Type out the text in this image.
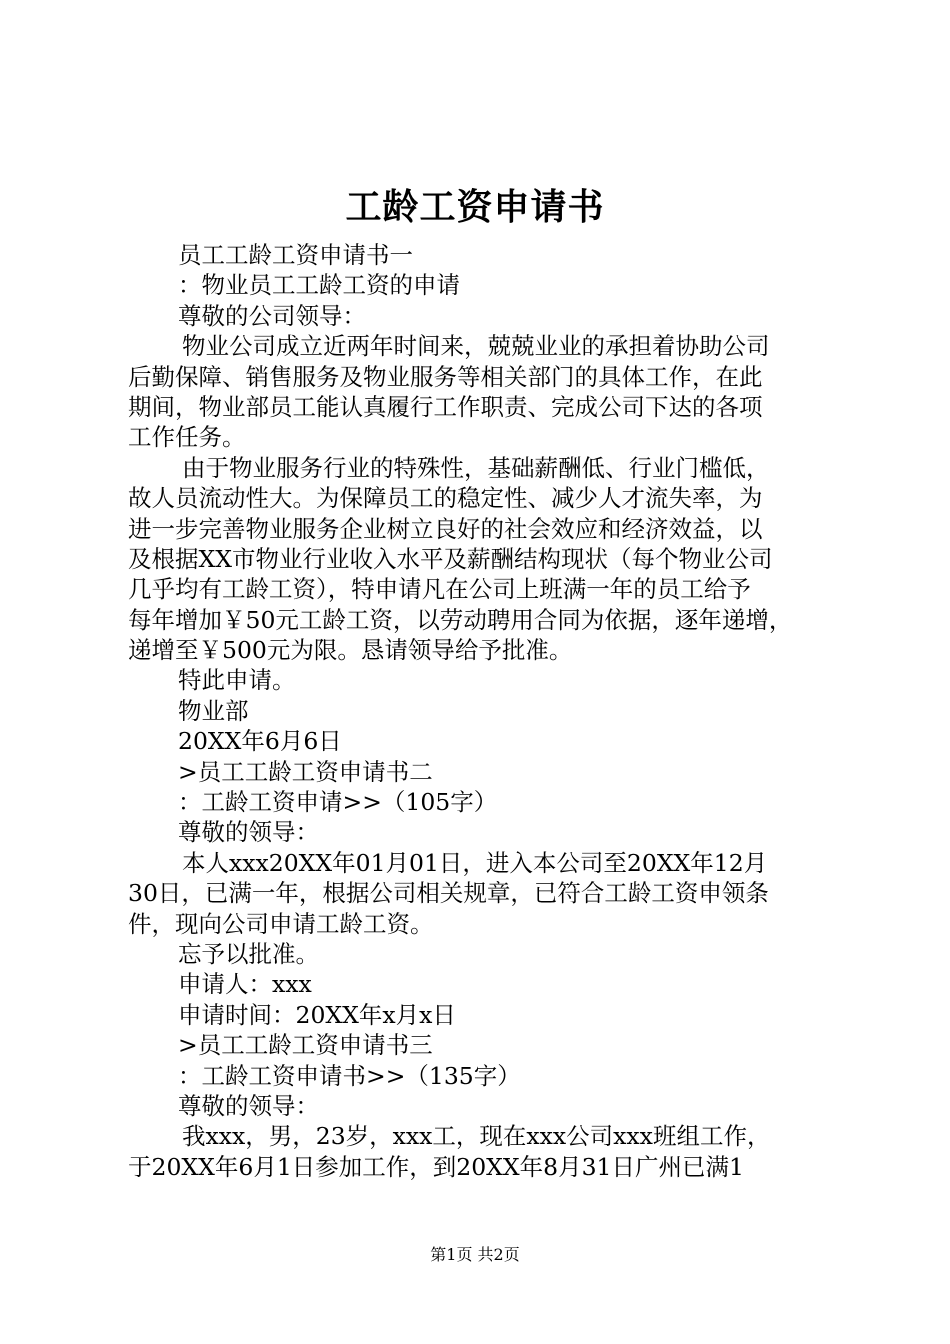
工龄工资申请书
员工工龄工资申请书一
：物业员工工龄工资的申请
尊敬的公司领导：
物业公司成立近两年时间来，兢兢业业的承担着协助公司
后勤保障、销售服务及物业服务等相关部门的具体工作，在此
期间，物业部员工能认真履行工作职责、完成公司下达的各项
工作任务。
由于物业服务行业的特殊性，基础薪酬低、行业门槛低，
故人员流动性大。为保障员工的稳定性、减少人才流失率，为
进一步完善物业服务企业树立良好的社会效应和经济效益，以
及根据XX市物业行业收入水平及薪酬结构现状（每个物业公司
几乎均有工龄工资），特申请凡在公司上班满一年的员工给予
每年增加￥50元工龄工资，以劳动聘用合同为依据，逐年递增，
递增至￥500元为限。恳请领导给予批准。
特此申请。
物业部
20XX年6月6日
>员工工龄工资申请书二
：工龄工资申请>>（105字）
尊敬的领导：
本人xxx20XX年01月01日，进入本公司至20XX年12月
30日，已满一年，根据公司相关规章，已符合工龄工资申领条
件，现向公司申请工龄工资。
忘予以批准。
申请人：xxx
申请时间：20XX年x月x日
>员工工龄工资申请书三
：工龄工资申请书>>（135字）
尊敬的领导：
我xxx，男，23岁，xxx工，现在xxx公司xxx班组工作，
于20XX年6月1日参加工作，到20XX年8月31日广州已满1
第1页 共2页
